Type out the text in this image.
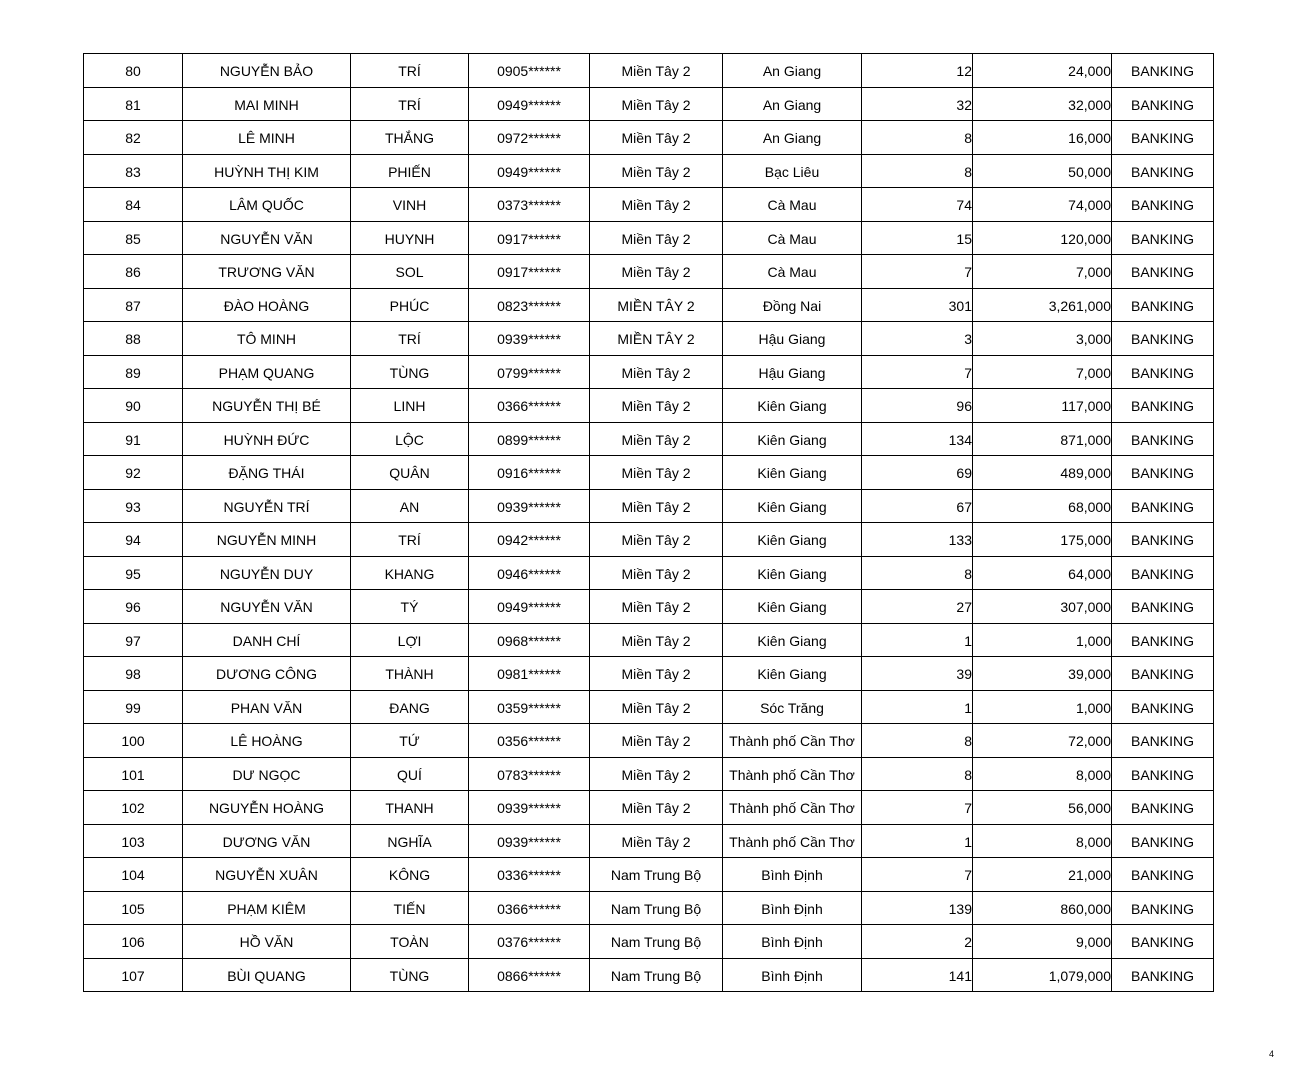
80	NGUYỄN BẢO	TRÍ	0905******	Miền Tây 2	An Giang	12	24,000	BANKING
81	MAI MINH	TRÍ	0949******	Miền Tây 2	An Giang	32	32,000	BANKING
82	LÊ MINH	THẮNG	0972******	Miền Tây 2	An Giang	8	16,000	BANKING
83	HUỲNH THỊ KIM	PHIẾN	0949******	Miền Tây 2	Bạc Liêu	8	50,000	BANKING
84	LÂM QUỐC	VINH	0373******	Miền Tây 2	Cà Mau	74	74,000	BANKING
85	NGUYỄN VĂN	HUYNH	0917******	Miền Tây 2	Cà Mau	15	120,000	BANKING
86	TRƯƠNG VĂN	SOL	0917******	Miền Tây 2	Cà Mau	7	7,000	BANKING
87	ĐÀO HOÀNG	PHÚC	0823******	MIỀN TÂY 2	Đồng Nai	301	3,261,000	BANKING
88	TÔ MINH	TRÍ	0939******	MIỀN TÂY 2	Hậu Giang	3	3,000	BANKING
89	PHẠM QUANG	TÙNG	0799******	Miền Tây 2	Hậu Giang	7	7,000	BANKING
90	NGUYỄN THỊ BÉ	LINH	0366******	Miền Tây 2	Kiên Giang	96	117,000	BANKING
91	HUỲNH ĐỨC	LỘC	0899******	Miền Tây 2	Kiên Giang	134	871,000	BANKING
92	ĐẶNG THÁI	QUÂN	0916******	Miền Tây 2	Kiên Giang	69	489,000	BANKING
93	NGUYỄN TRÍ	AN	0939******	Miền Tây 2	Kiên Giang	67	68,000	BANKING
94	NGUYỄN MINH	TRÍ	0942******	Miền Tây 2	Kiên Giang	133	175,000	BANKING
95	NGUYỄN DUY	KHANG	0946******	Miền Tây 2	Kiên Giang	8	64,000	BANKING
96	NGUYỄN VĂN	TÝ	0949******	Miền Tây 2	Kiên Giang	27	307,000	BANKING
97	DANH CHÍ	LỢI	0968******	Miền Tây 2	Kiên Giang	1	1,000	BANKING
98	DƯƠNG CÔNG	THÀNH	0981******	Miền Tây 2	Kiên Giang	39	39,000	BANKING
99	PHAN VĂN	ĐANG	0359******	Miền Tây 2	Sóc Trăng	1	1,000	BANKING
100	LÊ HOÀNG	TỨ	0356******	Miền Tây 2	Thành phố Cần Thơ	8	72,000	BANKING
101	DƯ NGỌC	QUÍ	0783******	Miền Tây 2	Thành phố Cần Thơ	8	8,000	BANKING
102	NGUYỄN HOÀNG	THANH	0939******	Miền Tây 2	Thành phố Cần Thơ	7	56,000	BANKING
103	DƯƠNG VĂN	NGHĨA	0939******	Miền Tây 2	Thành phố Cần Thơ	1	8,000	BANKING
104	NGUYỄN XUÂN	KÔNG	0336******	Nam Trung Bộ	Bình Định	7	21,000	BANKING
105	PHẠM KIÊM	TIẾN	0366******	Nam Trung Bộ	Bình Định	139	860,000	BANKING
106	HỒ VĂN	TOÀN	0376******	Nam Trung Bộ	Bình Định	2	9,000	BANKING
107	BÙI QUANG	TÙNG	0866******	Nam Trung Bộ	Bình Định	141	1,079,000	BANKING
4
